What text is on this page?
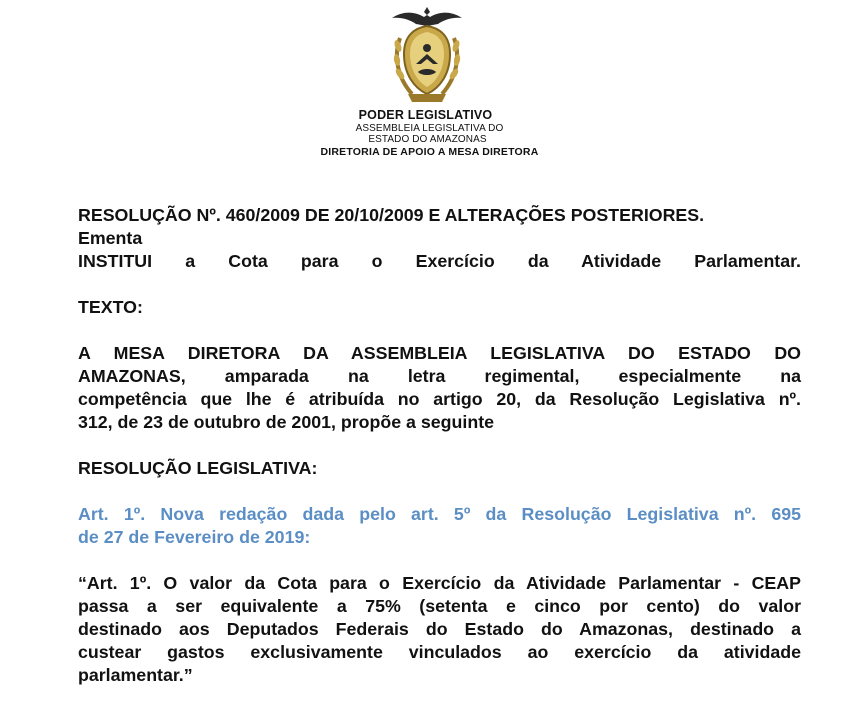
PODER LEGISLATIVO
ASSEMBLEIA LEGISLATIVA DO
ESTADO DO AMAZONAS
DIRETORIA DE APOIO A MESA DIRETORA

RESOLUÇÃO Nº. 460/2009 DE 20/10/2009 E ALTERAÇÕES POSTERIORES.

Ementa

INSTITUI a Cota para o Exercício da Atividade Parlamentar.

TEXTO:

A MESA DIRETORA DA ASSEMBLEIA LEGISLATIVA DO ESTADO DO

AMAZONAS, amparada na letra regimental, especialmente na

competência que lhe é atribuída no artigo 20, da Resolução Legislativa nº.

312, de 23 de outubro de 2001, propõe a seguinte

RESOLUÇÃO LEGISLATIVA:

Art. 1º. Nova redação dada pelo art. 5º da Resolução Legislativa nº. 695

de 27 de Fevereiro de 2019:

“Art. 1º. O valor da Cota para o Exercício da Atividade Parlamentar - CEAP

passa a ser equivalente a 75% (setenta e cinco por cento) do valor

destinado aos Deputados Federais do Estado do Amazonas, destinado a

custear gastos exclusivamente vinculados ao exercício da atividade

parlamentar.”
